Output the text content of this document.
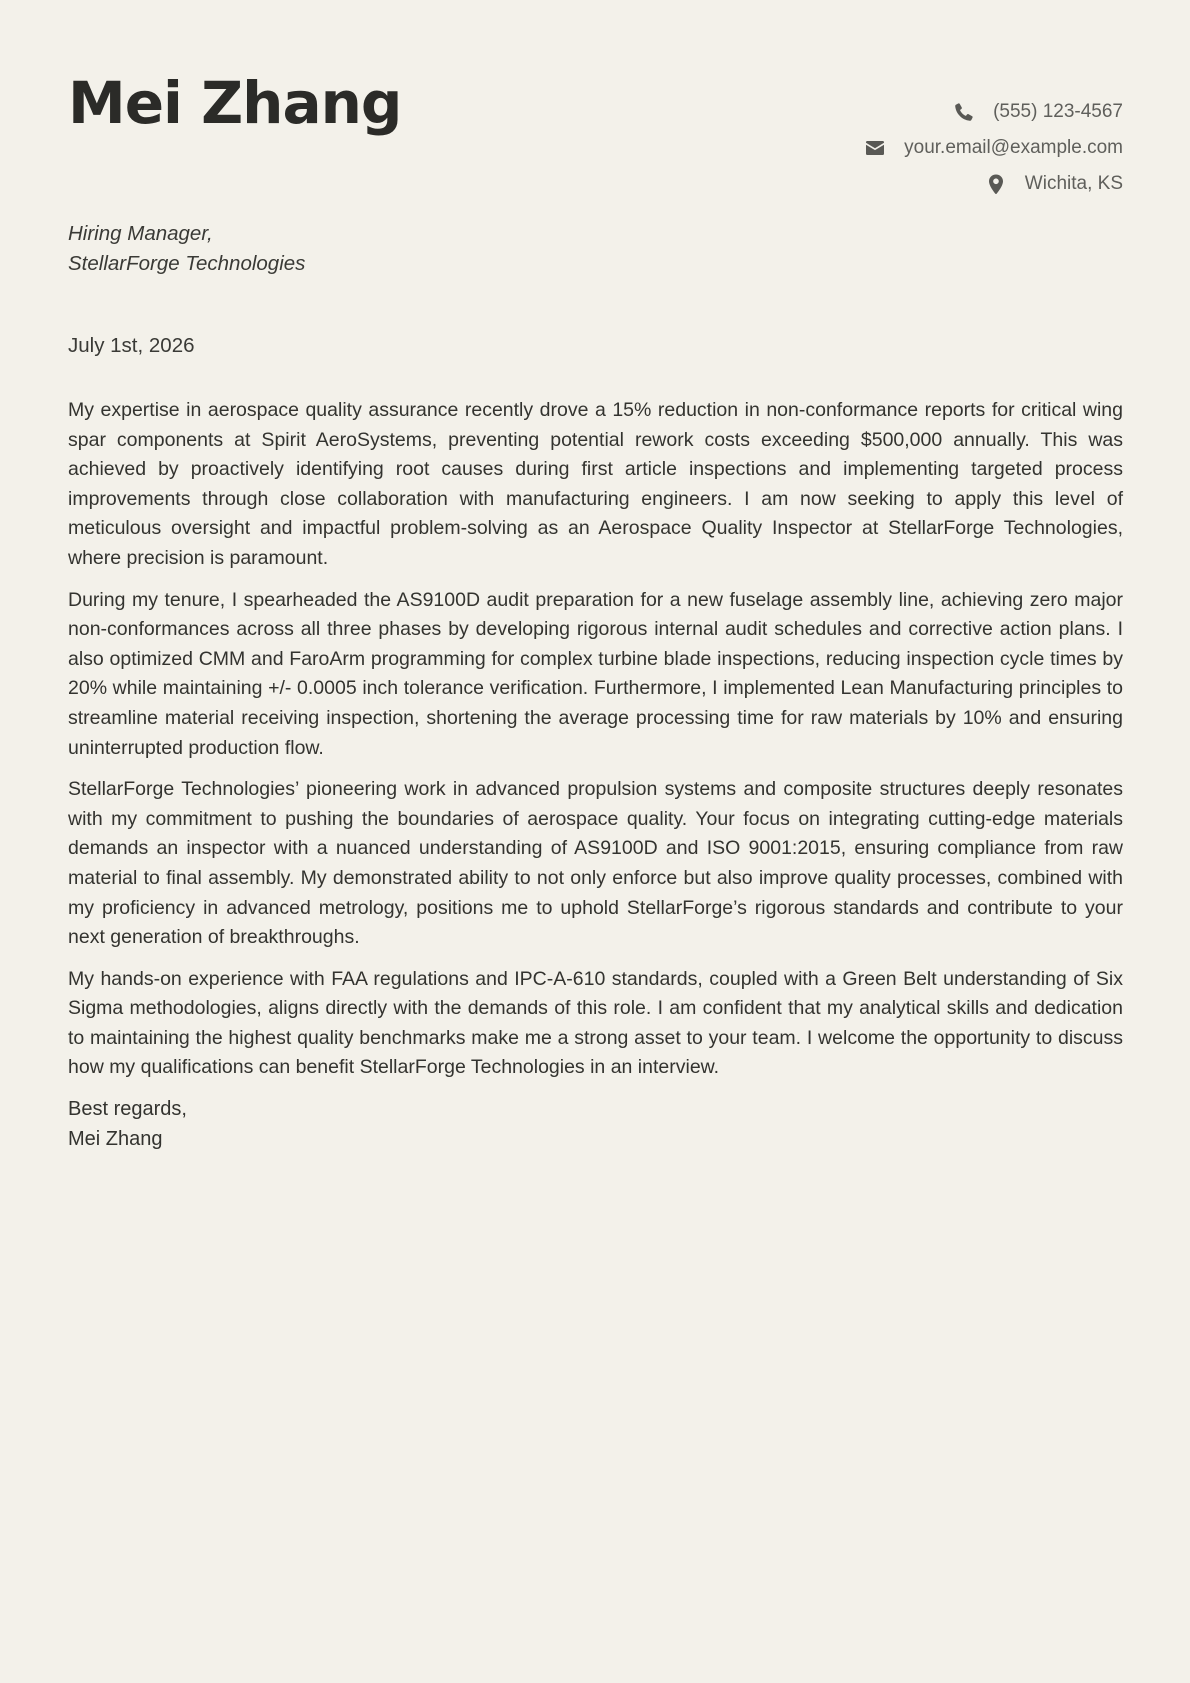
Mei Zhang	(555) 123-4567
your.email@example.com
Wichita, KS
Hiring Manager,
StellarForge Technologies
July 1st, 2026

My expertise in aerospace quality assurance recently drove a 15% reduction in non-conformance reports for critical wing spar components at Spirit AeroSystems, preventing potential rework costs exceeding $500,000 annually. This was achieved by proactively identifying root causes during first article inspections and implementing targeted process improvements through close collaboration with manufacturing engineers. I am now seeking to apply this level of meticulous oversight and impactful problem-solving as an Aerospace Quality Inspector at StellarForge Technologies, where precision is paramount.

During my tenure, I spearheaded the AS9100D audit preparation for a new fuselage assembly line, achieving zero major non-conformances across all three phases by developing rigorous internal audit schedules and corrective action plans. I also optimized CMM and FaroArm programming for complex turbine blade inspections, reducing inspection cycle times by 20% while maintaining +/- 0.0005 inch tolerance verification. Furthermore, I implemented Lean Manufacturing principles to streamline material receiving inspection, shortening the average processing time for raw materials by 10% and ensuring uninterrupted production flow.

StellarForge Technologies’ pioneering work in advanced propulsion systems and composite structures deeply resonates with my commitment to pushing the boundaries of aerospace quality. Your focus on integrating cutting-edge materials demands an inspector with a nuanced understanding of AS9100D and ISO 9001:2015, ensuring compliance from raw material to final assembly. My demonstrated ability to not only enforce but also improve quality processes, combined with my proficiency in advanced metrology, positions me to uphold StellarForge’s rigorous standards and contribute to your next generation of breakthroughs.

My hands-on experience with FAA regulations and IPC-A-610 standards, coupled with a Green Belt understanding of Six Sigma methodologies, aligns directly with the demands of this role. I am confident that my analytical skills and dedication to maintaining the highest quality benchmarks make me a strong asset to your team. I welcome the opportunity to discuss how my qualifications can benefit StellarForge Technologies in an interview.

Best regards,
Mei Zhang
